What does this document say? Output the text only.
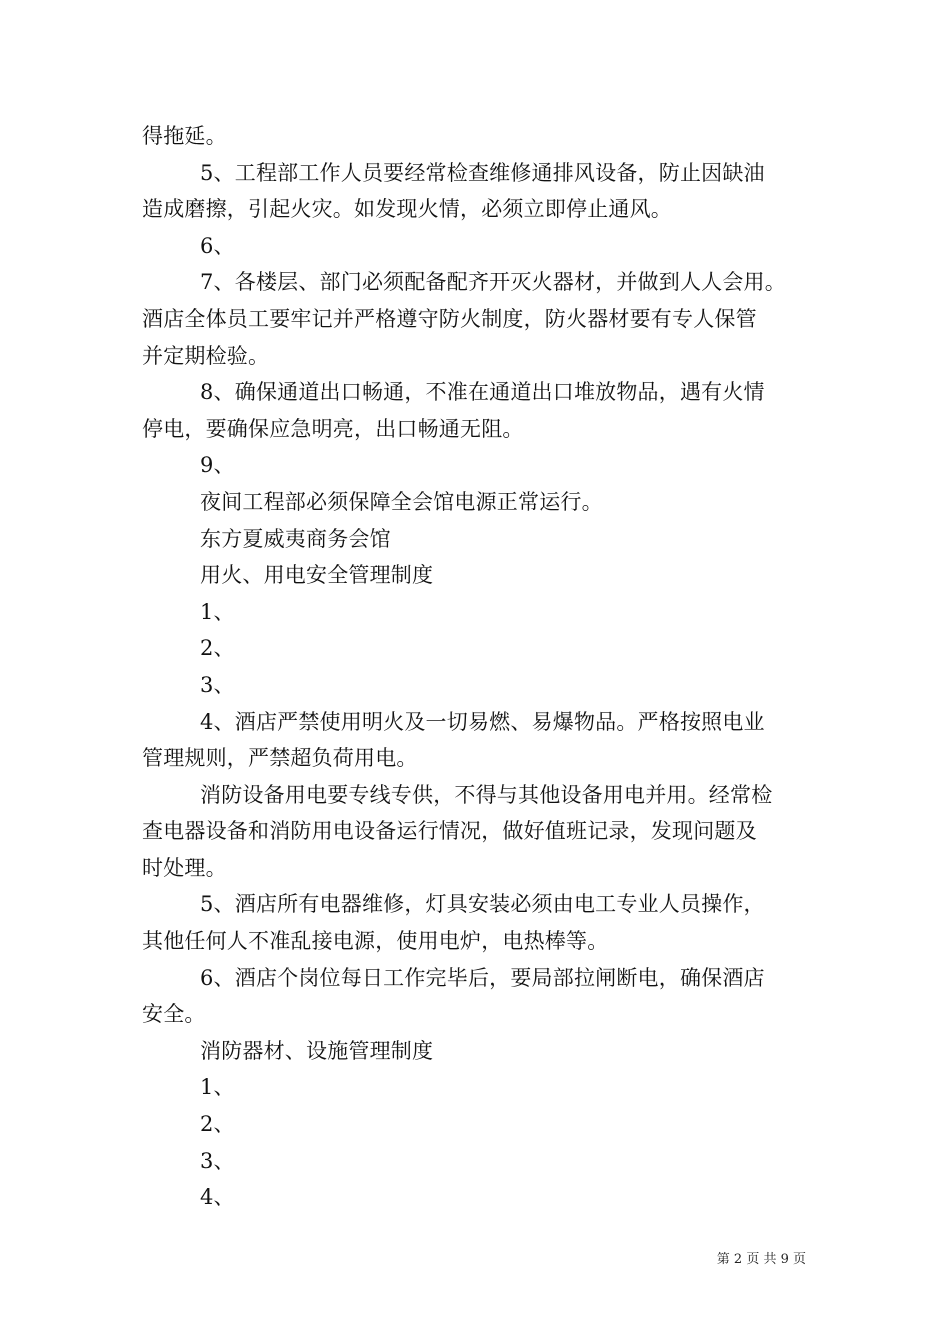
得拖延。
5、工程部工作人员要经常检查维修通排风设备，防止因缺油
造成磨擦，引起火灾。如发现火情，必须立即停止通风。
6、
7、各楼层、部门必须配备配齐开灭火器材，并做到人人会用。
酒店全体员工要牢记并严格遵守防火制度，防火器材要有专人保管
并定期检验。
8、确保通道出口畅通，不准在通道出口堆放物品，遇有火情
停电，要确保应急明亮，出口畅通无阻。
9、
夜间工程部必须保障全会馆电源正常运行。
东方夏威夷商务会馆
用火、用电安全管理制度
1、
2、
3、
4、酒店严禁使用明火及一切易燃、易爆物品。严格按照电业
管理规则，严禁超负荷用电。
消防设备用电要专线专供，不得与其他设备用电并用。经常检
查电器设备和消防用电设备运行情况，做好值班记录，发现问题及
时处理。
5、酒店所有电器维修，灯具安装必须由电工专业人员操作，
其他任何人不准乱接电源，使用电炉，电热棒等。
6、酒店个岗位每日工作完毕后，要局部拉闸断电，确保酒店
安全。
消防器材、设施管理制度
1、
2、
3、
4、
第 2 页 共 9 页
